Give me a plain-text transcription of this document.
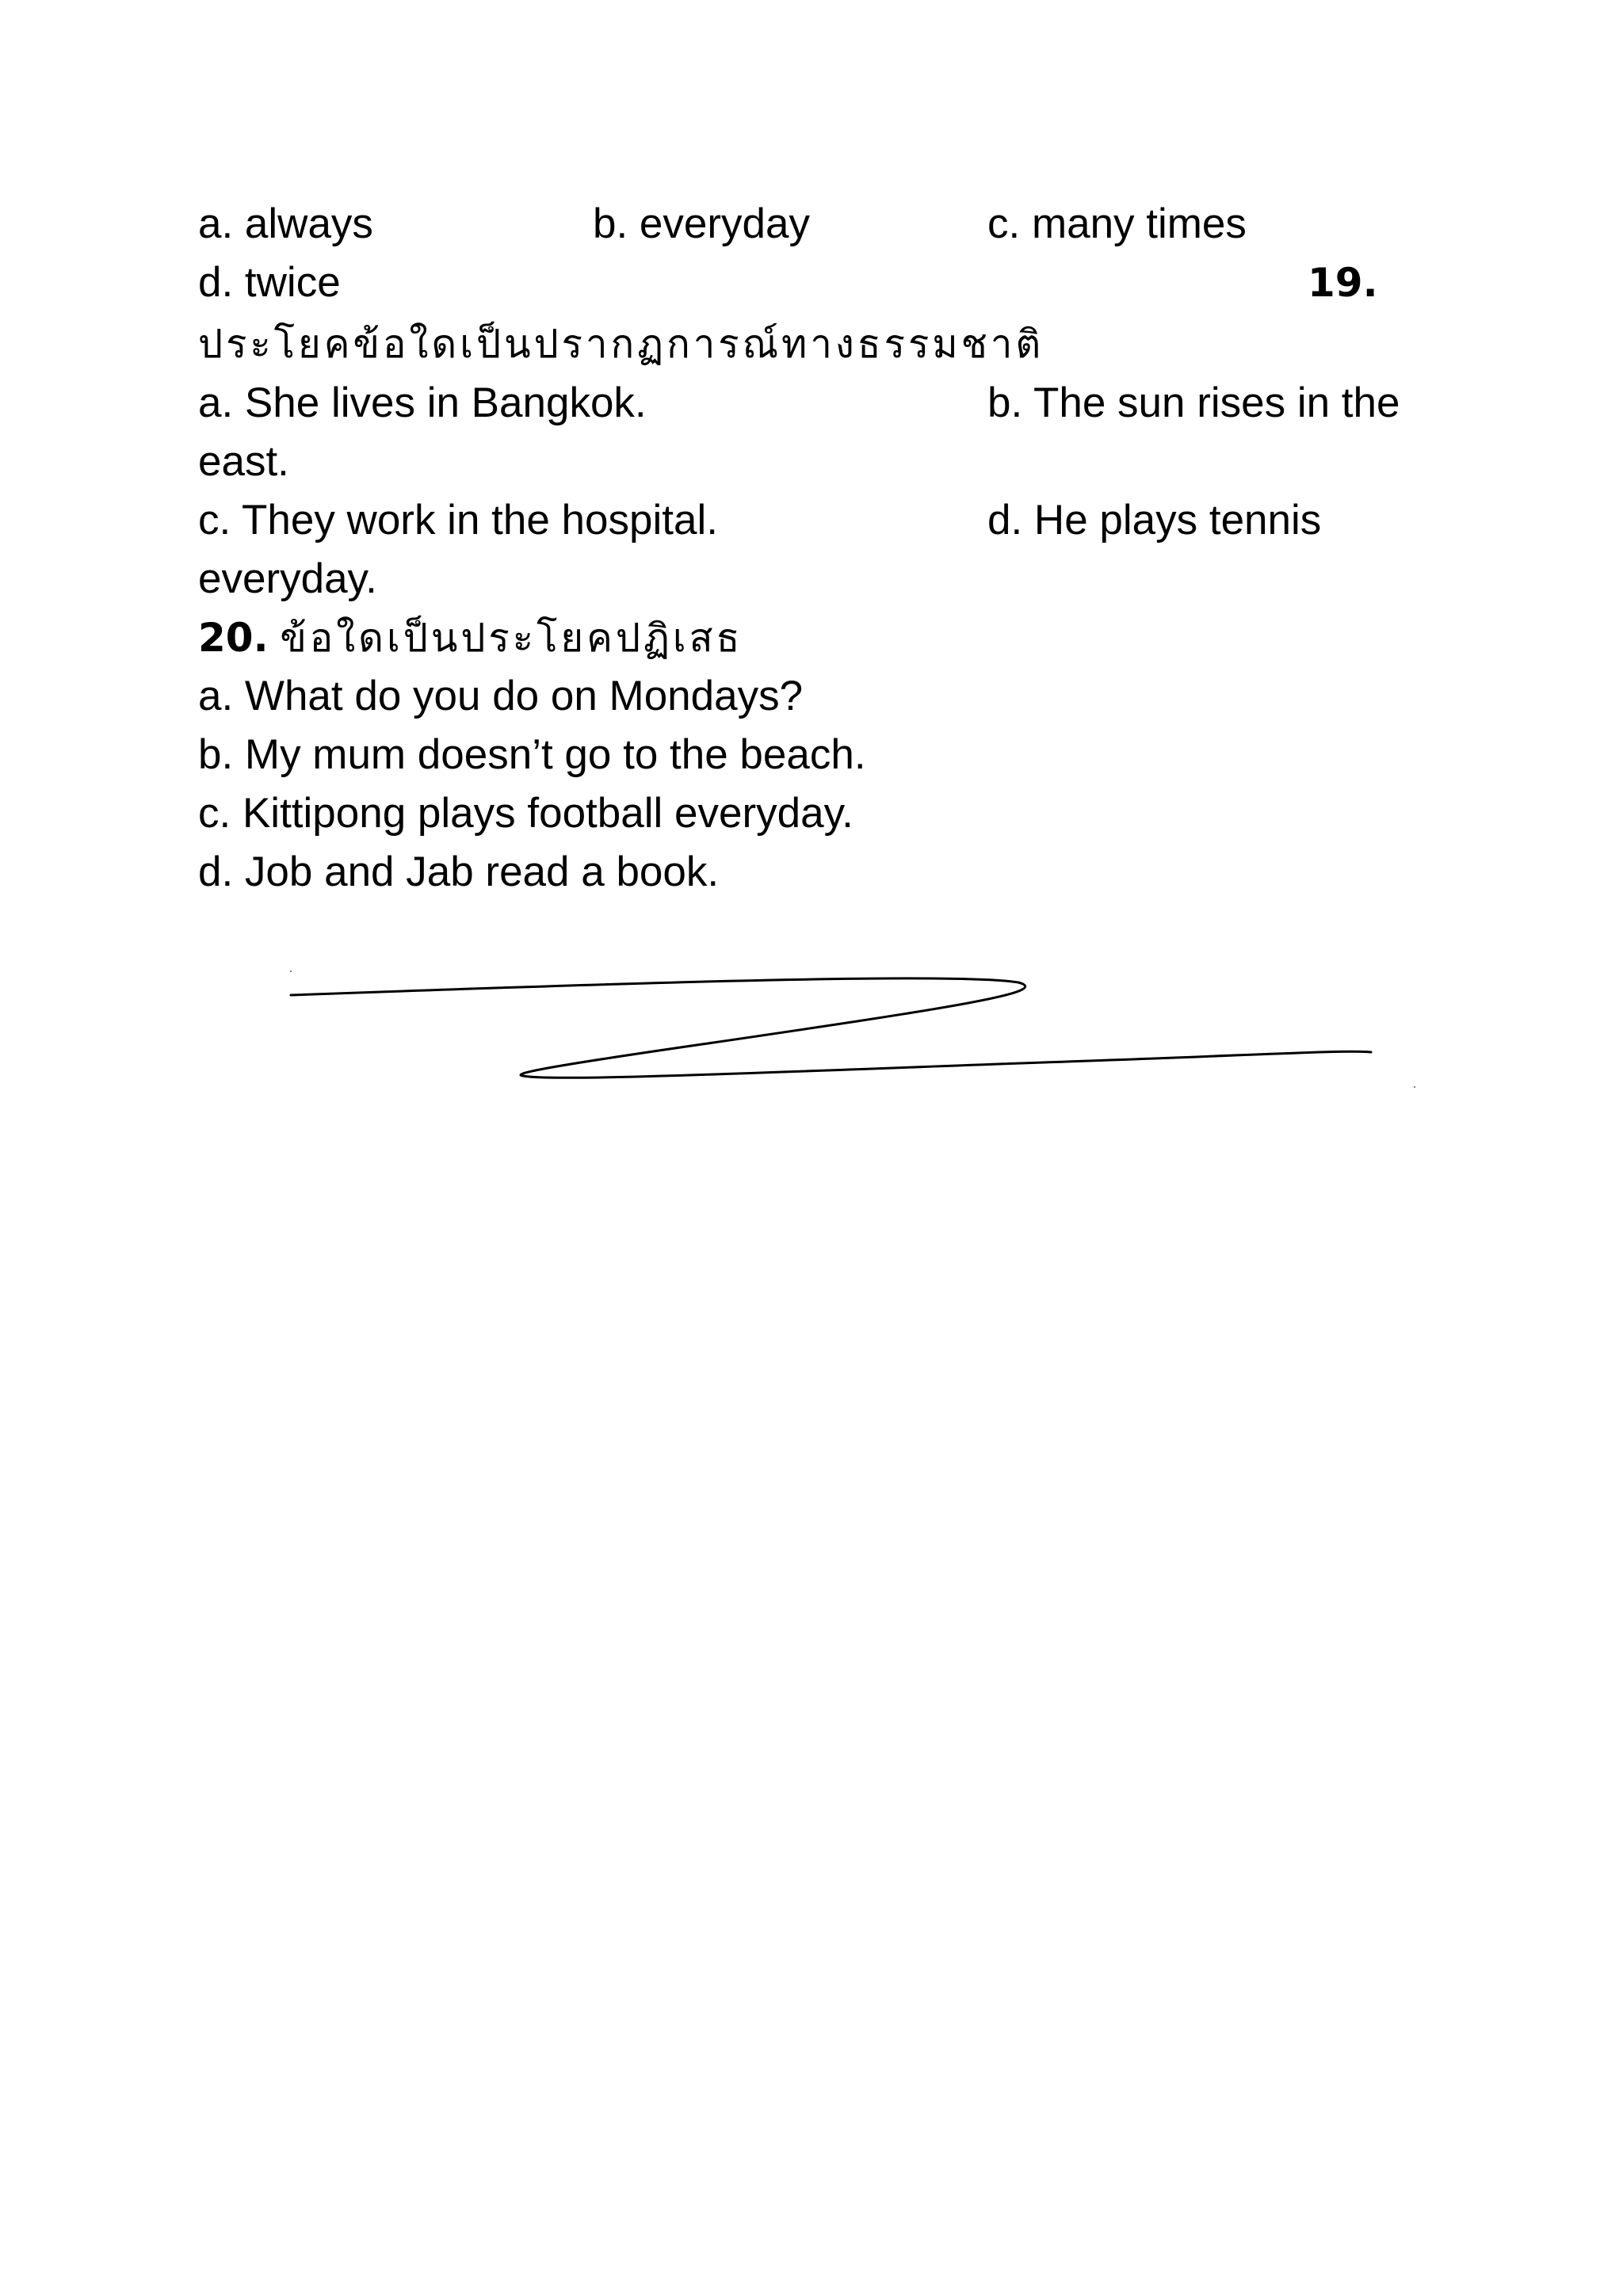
a. always	b. everyday	c. many times
d. twice	19.
ประโยคข้อใดเป็นปรากฏการณ์ทางธรรมชาติ
a. She lives in Bangkok.	b. The sun rises in the
east.
c. They work in the hospital.	d. He plays tennis
everyday.
20. ข้อใดเป็นประโยคปฏิเสธ
a. What do you do on Mondays?
b. My mum doesn’t go to the beach.
c. Kittipong plays football everyday.
d. Job and Jab read a book.
